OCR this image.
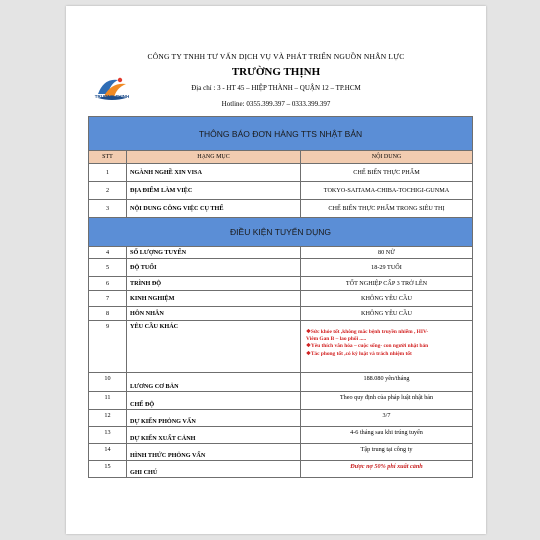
TRUONG THINH
CÔNG TY TNHH TƯ VẤN DỊCH VỤ VÀ PHÁT TRIỂN NGUỒN NHÂN LỰC
TRƯỜNG THỊNH
Địa chỉ : 3 - HT 45 – HIỆP THÀNH – QUẬN 12 – TP.HCM
Hotline: 0355.399.397 – 0333.399.397
THÔNG BÁO ĐƠN HÀNG TTS NHẬT BẢN		
STT	HẠNG MỤC	NỘI DUNG
1	NGÀNH NGHỀ XIN VISA	CHẾ BIẾN THỰC PHẨM
2	ĐỊA ĐIỂM LÀM VIỆC	TOKYO-SAITAMA-CHIBA-TOCHIGI-GUNMA
3	NỘI DUNG CÔNG VIỆC CỤ THỂ	CHẾ BIẾN THỰC PHẨM TRONG SIÊU THỊ
ĐIỀU KIỆN TUYỂN DỤNG		
4	SỐ LƯỢNG TUYỂN	80 NỮ
5	ĐỘ TUỔI	18-29 TUỔI
6	TRÌNH ĐỘ	TỐT NGHIỆP CẤP 3 TRỞ LÊN
7	KINH NGHIỆM	KHÔNG YÊU CẦU
8	HÔN NHÂN	KHÔNG YÊU CẦU
9	YÊU CẦU KHÁC	❖Sức khỏe tốt ,không mắc bệnh truyền nhiễm , HIV-
Viêm Gan B – lao phổi .....
❖Yêu thích văn hóa – cuộc sống- con người nhật bản
❖Tác phong tốt ,có kỷ luật và trách nhiệm tốt

10	LƯƠNG CƠ BẢN	188.080 yên/tháng
11	CHẾ ĐỘ	Theo quy định của pháp luật nhật bản
12	DỰ KIẾN PHỎNG VẤN	3/7
13	DỰ KIẾN XUẤT CẢNH	4-6 tháng sau khi trúng tuyển
14	HÌNH THỨC PHỎNG VẤN	Tập trung tại công ty
15	GHI CHÚ	Được nợ 50% phí xuất cảnh
